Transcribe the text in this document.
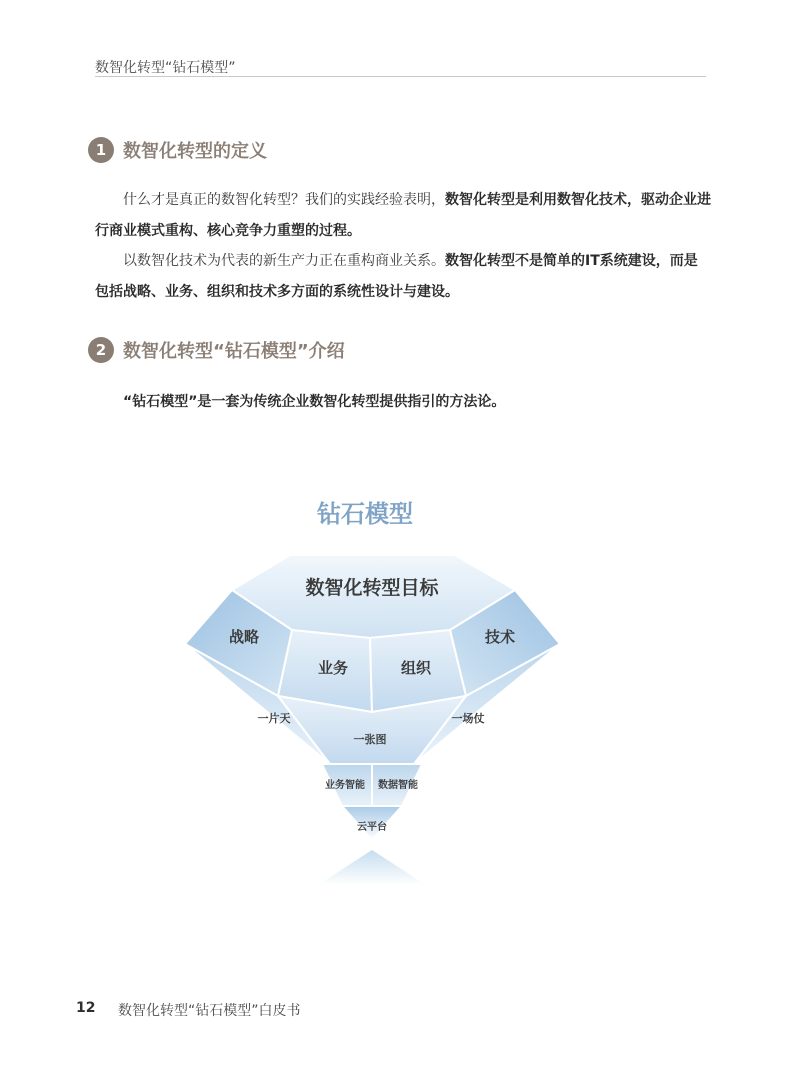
数智化转型“钻石模型”
1 数智化转型的定义
什么才是真正的数智化转型？我们的实践经验表明，数智化转型是利用数智化技术，驱动企业进行商业模式重构、核心竞争力重塑的过程。
以数智化技术为代表的新生产力正在重构商业关系。数智化转型不是简单的IT系统建设，而是包括战略、业务、组织和技术多方面的系统性设计与建设。
2 数智化转型“钻石模型”介绍
“钻石模型”是一套为传统企业数智化转型提供指引的方法论。
钻石模型
数智化转型目标
战略	技术
业务	组织
一片天	一场仗
一张图
业务智能 数据智能
云平台
12 数智化转型“钻石模型”白皮书
